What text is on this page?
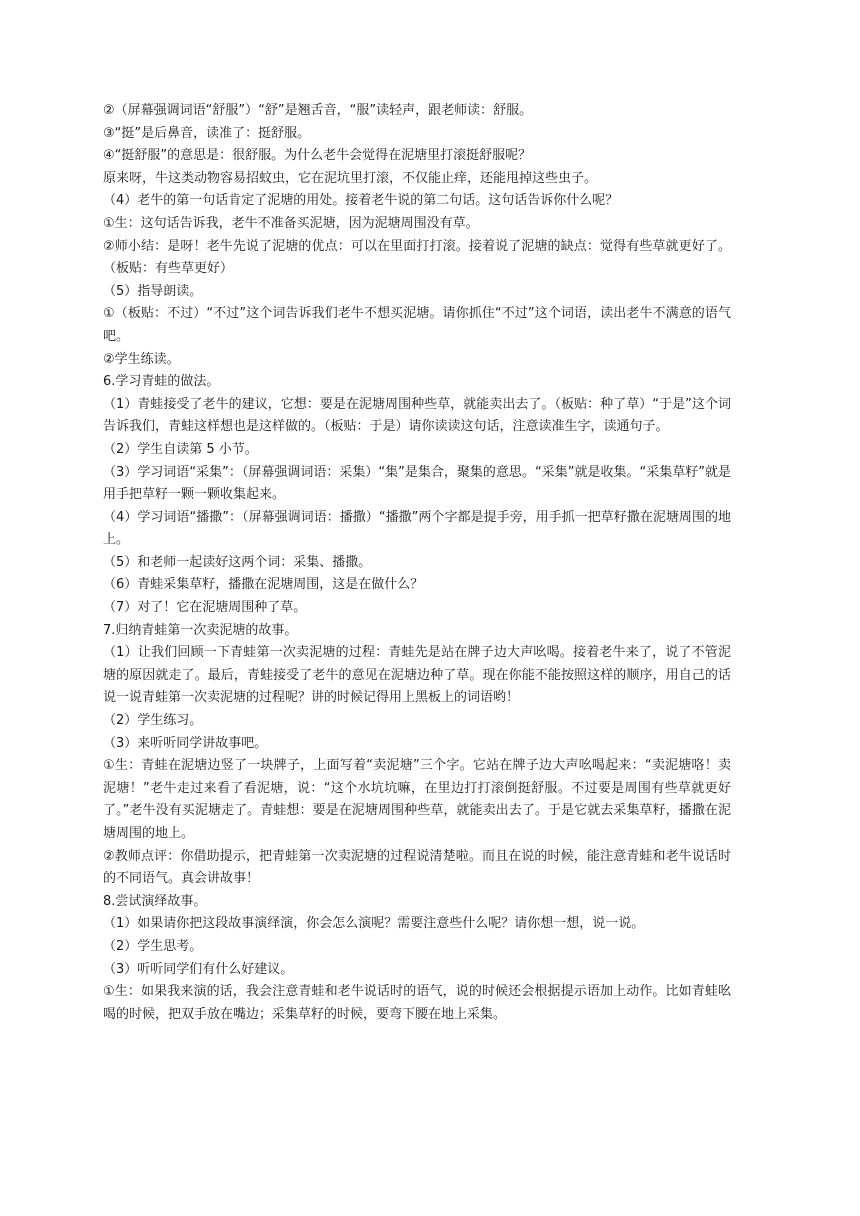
②（屏幕强调词语“舒服”）“舒”是翘舌音，“服”读轻声，跟老师读：舒服。

③“挺”是后鼻音，读准了：挺舒服。

④“挺舒服”的意思是：很舒服。为什么老牛会觉得在泥塘里打滚挺舒服呢？

原来呀，牛这类动物容易招蚊虫，它在泥坑里打滚，不仅能止痒，还能甩掉这些虫子。

（4）老牛的第一句话肯定了泥塘的用处。接着老牛说的第二句话。这句话告诉你什么呢？

①生：这句话告诉我，老牛不准备买泥塘，因为泥塘周围没有草。

②师小结：是呀！老牛先说了泥塘的优点：可以在里面打打滚。接着说了泥塘的缺点：觉得有些草就更好了。（板贴：有些草更好）

（5）指导朗读。

①（板贴：不过）“不过”这个词告诉我们老牛不想买泥塘。请你抓住“不过”这个词语，读出老牛不满意的语气吧。

②学生练读。

6.学习青蛙的做法。

（1）青蛙接受了老牛的建议，它想：要是在泥塘周围种些草，就能卖出去了。（板贴：种了草）“于是”这个词告诉我们，青蛙这样想也是这样做的。（板贴：于是）请你读读这句话，注意读准生字，读通句子。

（2）学生自读第 5 小节。

（3）学习词语“采集”：（屏幕强调词语：采集）“集”是集合，聚集的意思。“采集”就是收集。“采集草籽”就是用手把草籽一颗一颗收集起来。

（4）学习词语“播撒”：（屏幕强调词语：播撒）“播撒”两个字都是提手旁，用手抓一把草籽撒在泥塘周围的地上。

（5）和老师一起读好这两个词：采集、播撒。

（6）青蛙采集草籽，播撒在泥塘周围，这是在做什么？

（7）对了！它在泥塘周围种了草。

7.归纳青蛙第一次卖泥塘的故事。

（1）让我们回顾一下青蛙第一次卖泥塘的过程：青蛙先是站在牌子边大声吆喝。接着老牛来了，说了不管泥塘的原因就走了。最后，青蛙接受了老牛的意见在泥塘边种了草。现在你能不能按照这样的顺序，用自己的话说一说青蛙第一次卖泥塘的过程呢？讲的时候记得用上黑板上的词语哟！

（2）学生练习。

（3）来听听同学讲故事吧。

①生：青蛙在泥塘边竖了一块牌子，上面写着“卖泥塘”三个字。它站在牌子边大声吆喝起来：“卖泥塘咯！卖泥塘！”老牛走过来看了看泥塘，说：“这个水坑坑嘛，在里边打打滚倒挺舒服。不过要是周围有些草就更好了。”老牛没有买泥塘走了。青蛙想：要是在泥塘周围种些草，就能卖出去了。于是它就去采集草籽，播撒在泥塘周围的地上。

②教师点评：你借助提示，把青蛙第一次卖泥塘的过程说清楚啦。而且在说的时候，能注意青蛙和老牛说话时的不同语气。真会讲故事！

8.尝试演绎故事。

（1）如果请你把这段故事演绎演，你会怎么演呢？需要注意些什么呢？请你想一想，说一说。

（2）学生思考。

（3）听听同学们有什么好建议。

①生：如果我来演的话，我会注意青蛙和老牛说话时的语气，说的时候还会根据提示语加上动作。比如青蛙吆喝的时候，把双手放在嘴边；采集草籽的时候，要弯下腰在地上采集。
